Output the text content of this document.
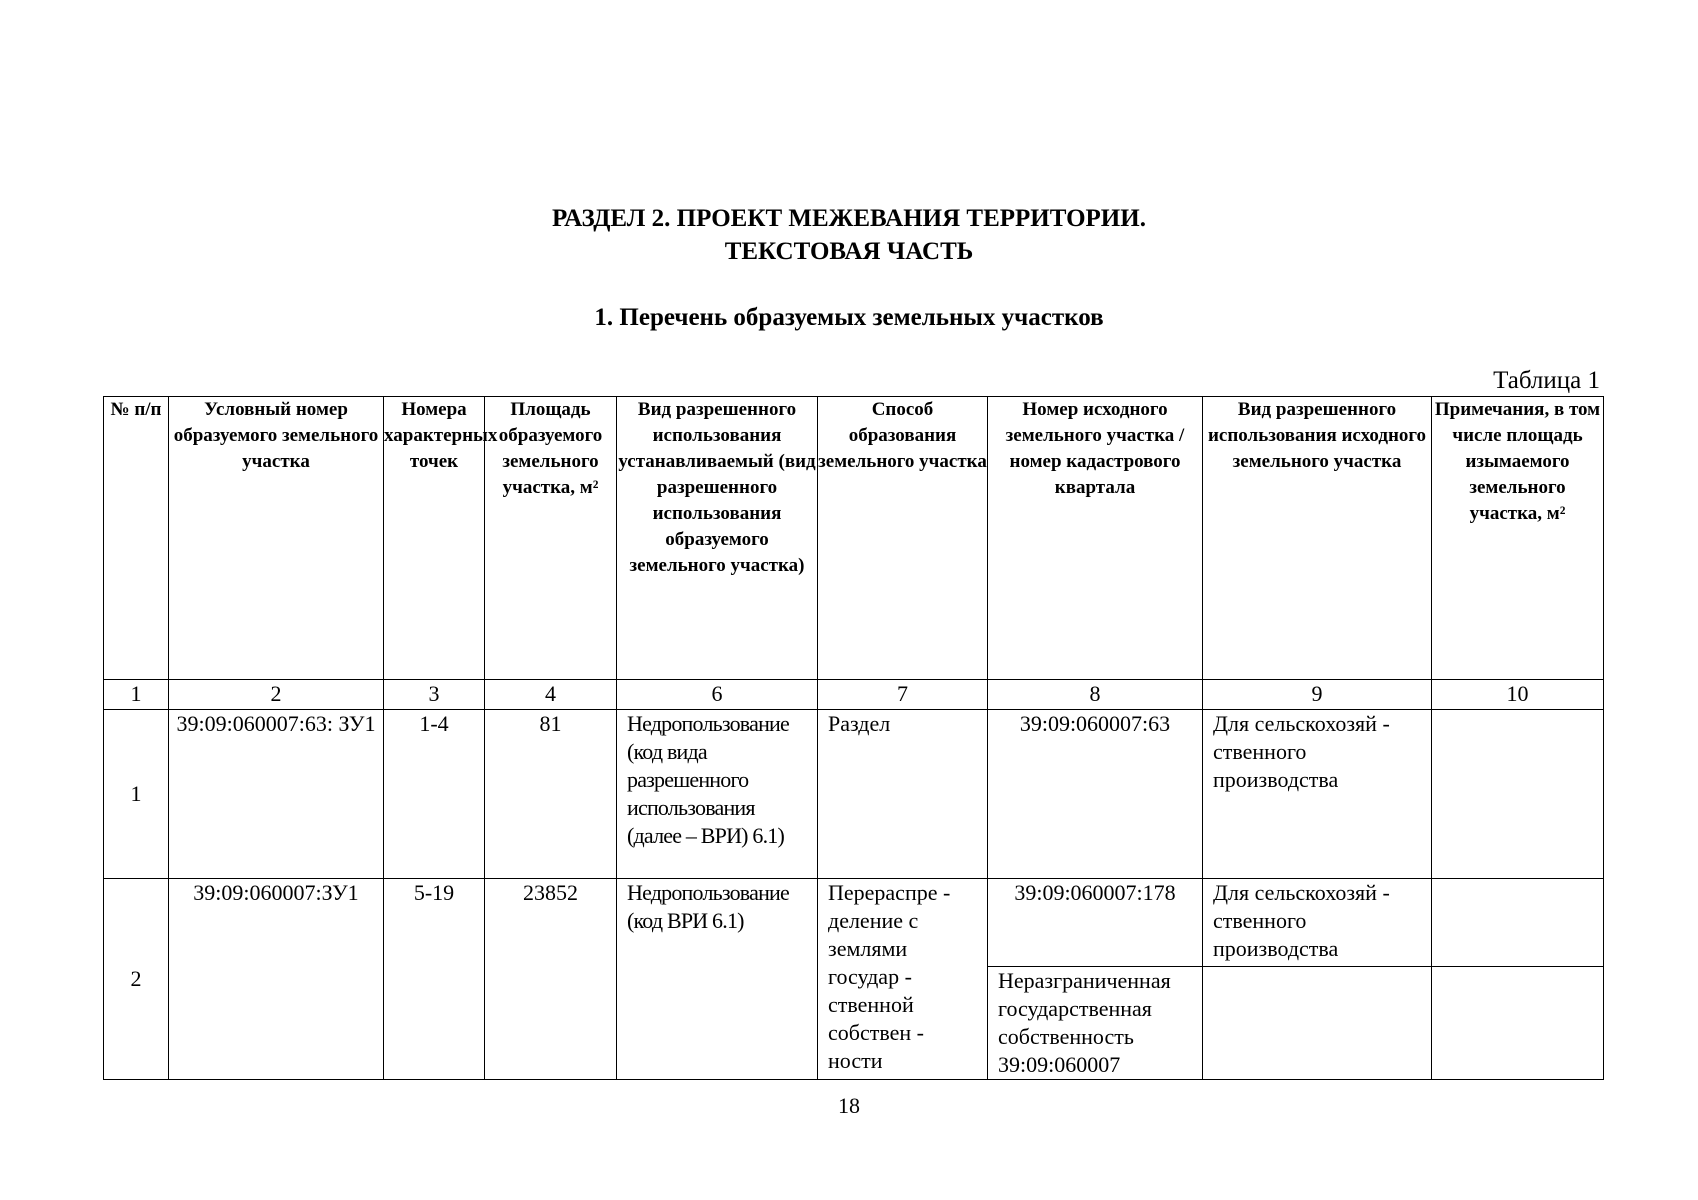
РАЗДЕЛ 2. ПРОЕКТ МЕЖЕВАНИЯ ТЕРРИТОРИИ.
ТЕКСТОВАЯ ЧАСТЬ
1. Перечень образуемых земельных участков
Таблица 1
№ п/п	Условный номер образуемого земельного участка	Номера характерных точек	Площадь образуемого земельного участка, м²	Вид разрешенного использования устанавливаемый (вид разрешенного использования образуемого земельного участка)	Способ образования земельного участка	Номер исходного земельного участка / номер кадастрового квартала	Вид разрешенного использования исходного земельного участка	Примечания, в том числе площадь изымаемого земельного участка, м²
1	2	3	4	6	7	8	9	10
1	39:09:060007:63: ЗУ1	1-4	81	Недропользование (код вида разрешенного использования (далее – ВРИ) 6.1)	Раздел	39:09:060007:63	Для сельскохозяй - ственного производства	
2	39:09:060007:ЗУ1	5-19	23852	Недропользование (код ВРИ 6.1)	Перераспре - деление с землями государ - ственной собствен - ности	39:09:060007:178	Для сельскохозяй - ственного производства	
						Неразграниченная государственная собственность 39:09:060007		
18
